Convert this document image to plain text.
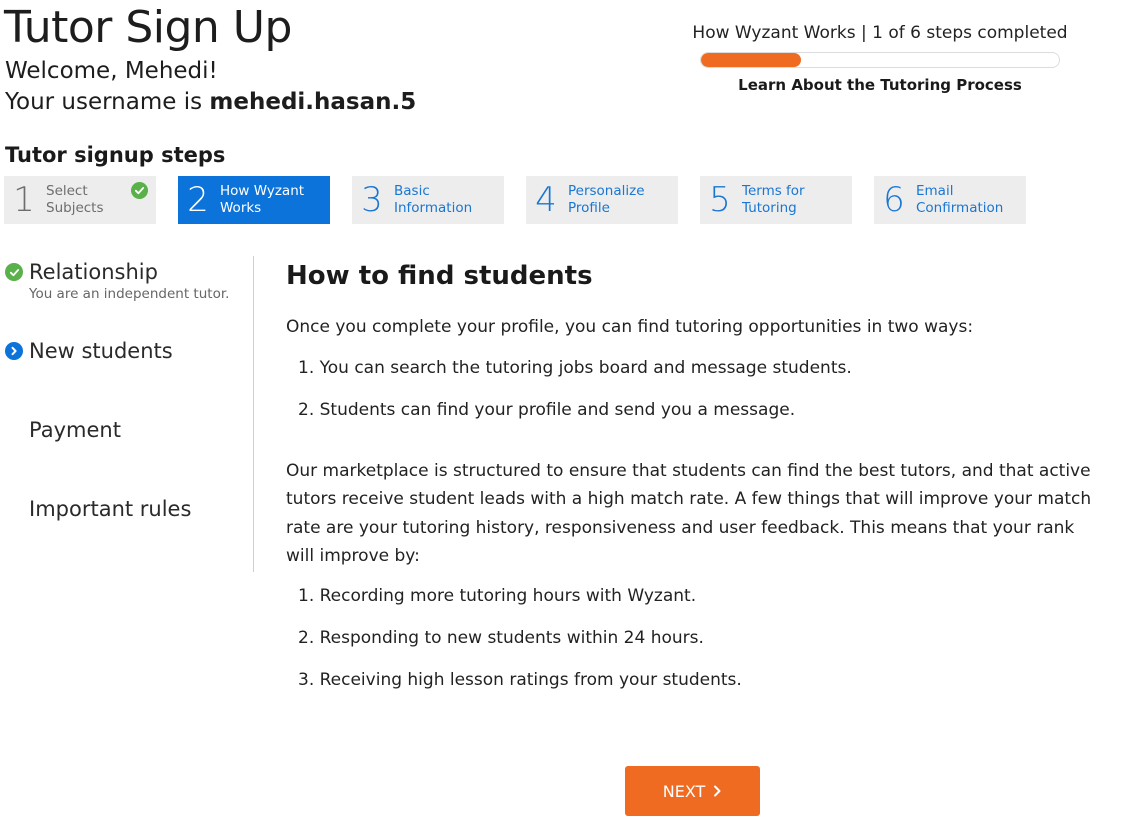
Tutor Sign Up
Welcome, Mehedi!
Your username is mehedi.hasan.5
How Wyzant Works | 1 of 6 steps completed
Learn About the Tutoring Process
Tutor signup steps
1 Select
Subjects 2 How Wyzant
Works	3 Basic
Information 4 Personalize
Profile	5 Terms for
Tutoring	6 Email
Confirmation
Relationship
You are an independent tutor.
New students
Payment
Important rules
How to find students

Once you complete your profile, you can find tutoring opportunities in two ways:

1. You can search the tutoring jobs board and message students.
2. Students can find your profile and send you a message.

Our marketplace is structured to ensure that students can find the best tutors, and that active tutors receive student leads with a high match rate. A few things that will improve your match rate are your tutoring history, responsiveness and user feedback. This means that your rank will improve by:

1. Recording more tutoring hours with Wyzant.
2. Responding to new students within 24 hours.
3. Receiving high lesson ratings from your students.
NEXT
